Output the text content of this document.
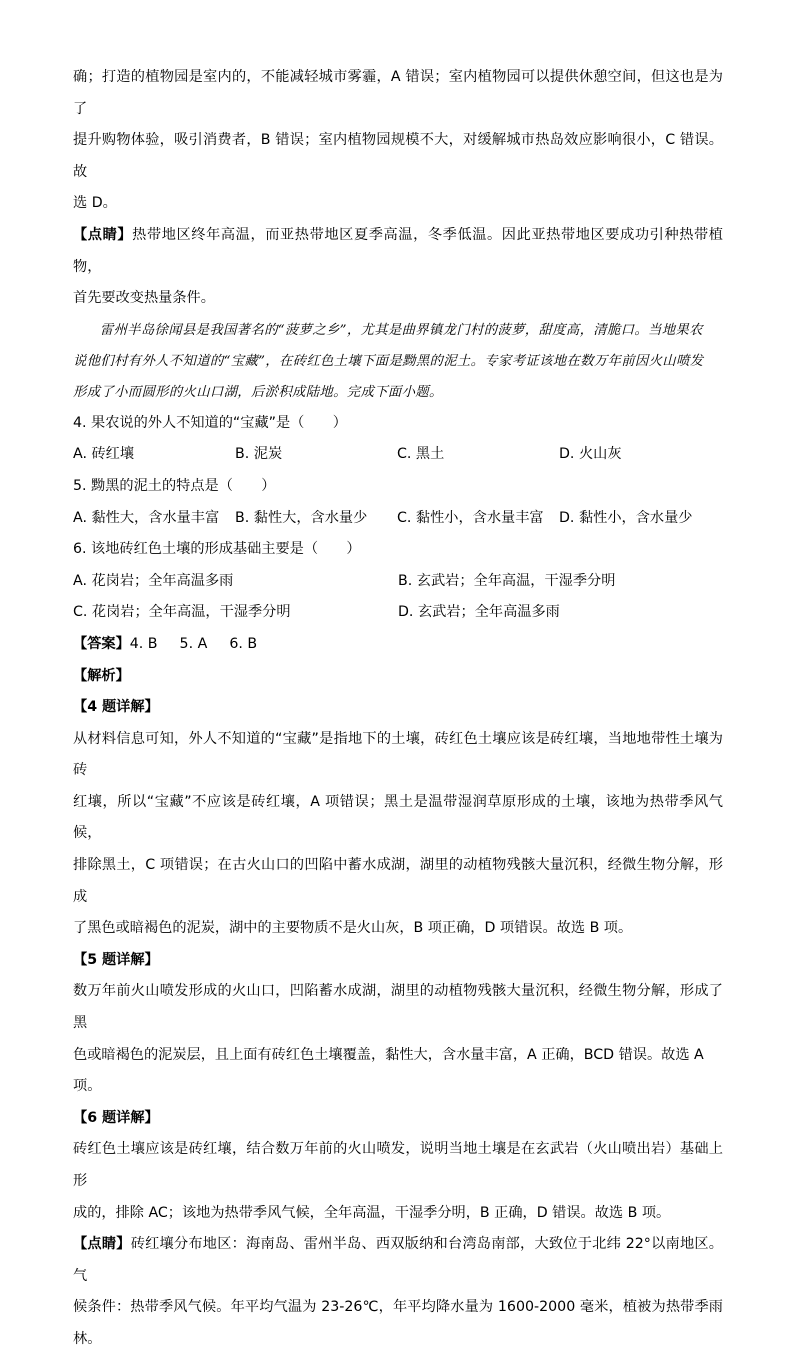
确；打造的植物园是室内的，不能减轻城市雾霾，A 错误；室内植物园可以提供休憩空间，但这也是为了
提升购物体验，吸引消费者，B 错误；室内植物园规模不大，对缓解城市热岛效应影响很小，C 错误。故
选 D。
【点睛】热带地区终年高温，而亚热带地区夏季高温，冬季低温。因此亚热带地区要成功引种热带植物，
首先要改变热量条件。
雷州半岛徐闻县是我国著名的“菠萝之乡”，尤其是曲界镇龙门村的菠萝，甜度高，清脆口。当地果农
说他们村有外人不知道的“宝藏”，在砖红色土壤下面是黝黑的泥土。专家考证该地在数万年前因火山喷发
形成了小而圆形的火山口湖，后淤积成陆地。完成下面小题。
4. 果农说的外人不知道的“宝藏”是（　　）
A. 砖红壤	B. 泥炭	C. 黑土	D. 火山灰
5. 黝黑的泥土的特点是（　　）
A. 黏性大，含水量丰富	B. 黏性大，含水量少	C. 黏性小，含水量丰富	D. 黏性小，含水量少
6. 该地砖红色土壤的形成基础主要是（　　）
A. 花岗岩；全年高温多雨	B. 玄武岩；全年高温，干湿季分明
C. 花岗岩；全年高温，干湿季分明	D. 玄武岩；全年高温多雨
【答案】4. B 5. A 6. B
【解析】
【4 题详解】
从材料信息可知，外人不知道的“宝藏”是指地下的土壤，砖红色土壤应该是砖红壤，当地地带性土壤为砖
红壤，所以“宝藏”不应该是砖红壤，A 项错误；黑土是温带湿润草原形成的土壤，该地为热带季风气候，
排除黑土，C 项错误；在古火山口的凹陷中蓄水成湖，湖里的动植物残骸大量沉积，经微生物分解，形成
了黑色或暗褐色的泥炭，湖中的主要物质不是火山灰，B 项正确，D 项错误。故选 B 项。
【5 题详解】
数万年前火山喷发形成的火山口，凹陷蓄水成湖，湖里的动植物残骸大量沉积，经微生物分解，形成了黑
色或暗褐色的泥炭层，且上面有砖红色土壤覆盖，黏性大，含水量丰富，A 正确，BCD 错误。故选 A
项。
【6 题详解】
砖红色土壤应该是砖红壤，结合数万年前的火山喷发，说明当地土壤是在玄武岩（火山喷出岩）基础上形
成的，排除 AC；该地为热带季风气候，全年高温，干湿季分明，B 正确，D 错误。故选 B 项。
【点睛】砖红壤分布地区：海南岛、雷州半岛、西双版纳和台湾岛南部，大致位于北纬 22°以南地区。气
候条件：热带季风气候。年平均气温为 23-26℃，年平均降水量为 1600-2000 毫米，植被为热带季雨林。
